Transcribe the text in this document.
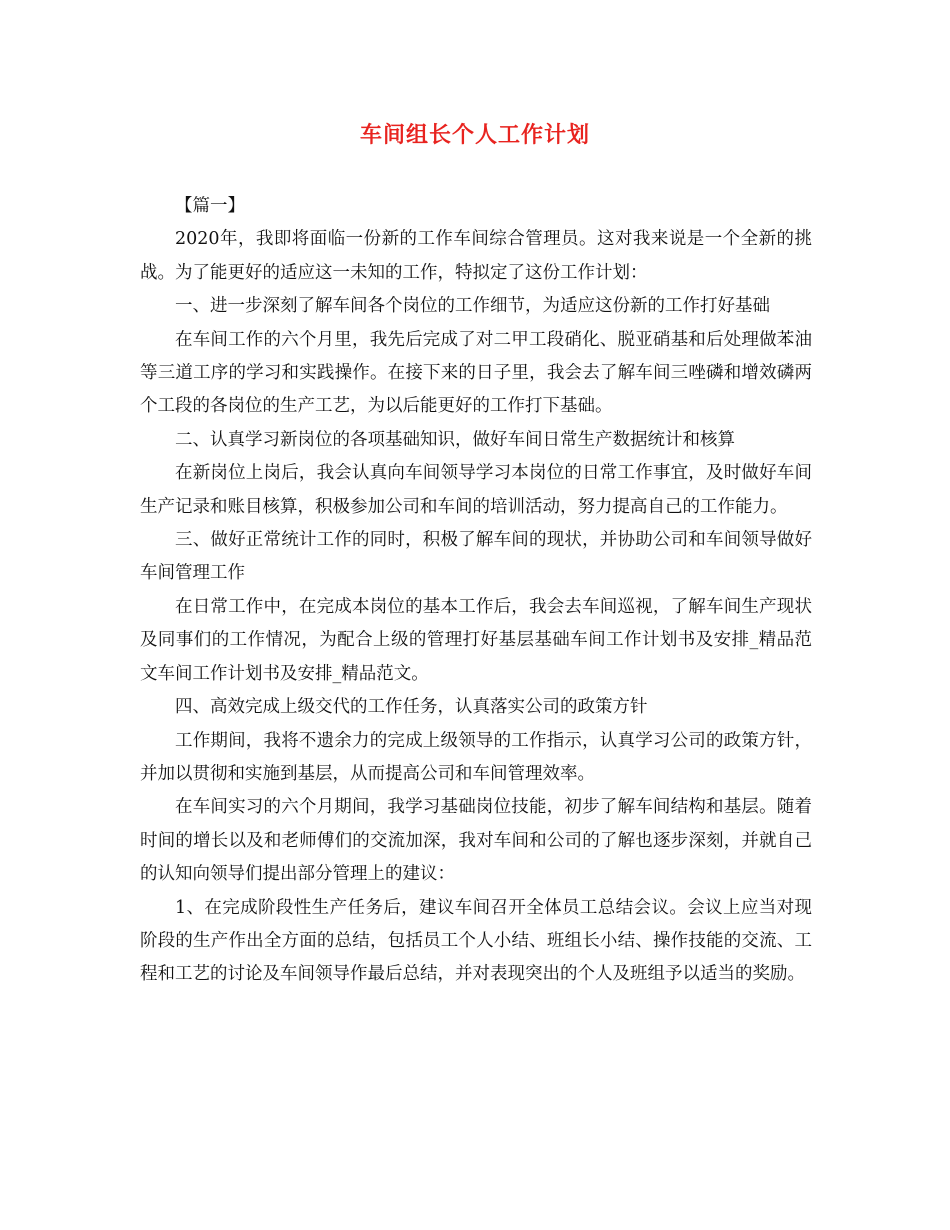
车间组长个人工作计划

【篇一】

2020年，我即将面临一份新的工作车间综合管理员。这对我来说是一个全新的挑战。为了能更好的适应这一未知的工作，特拟定了这份工作计划：

一、进一步深刻了解车间各个岗位的工作细节，为适应这份新的工作打好基础

在车间工作的六个月里，我先后完成了对二甲工段硝化、脱亚硝基和后处理做苯油等三道工序的学习和实践操作。在接下来的日子里，我会去了解车间三唑磷和增效磷两个工段的各岗位的生产工艺，为以后能更好的工作打下基础。

二、认真学习新岗位的各项基础知识，做好车间日常生产数据统计和核算

在新岗位上岗后，我会认真向车间领导学习本岗位的日常工作事宜，及时做好车间生产记录和账目核算，积极参加公司和车间的培训活动，努力提高自己的工作能力。

三、做好正常统计工作的同时，积极了解车间的现状，并协助公司和车间领导做好车间管理工作

在日常工作中，在完成本岗位的基本工作后，我会去车间巡视，了解车间生产现状及同事们的工作情况，为配合上级的管理打好基层基础车间工作计划书及安排_精品范文车间工作计划书及安排_精品范文。

四、高效完成上级交代的工作任务，认真落实公司的政策方针

工作期间，我将不遗余力的完成上级领导的工作指示，认真学习公司的政策方针，并加以贯彻和实施到基层，从而提高公司和车间管理效率。

在车间实习的六个月期间，我学习基础岗位技能，初步了解车间结构和基层。随着时间的增长以及和老师傅们的交流加深，我对车间和公司的了解也逐步深刻，并就自己的认知向领导们提出部分管理上的建议：

1、在完成阶段性生产任务后，建议车间召开全体员工总结会议。会议上应当对现阶段的生产作出全方面的总结，包括员工个人小结、班组长小结、操作技能的交流、工程和工艺的讨论及车间领导作最后总结，并对表现突出的个人及班组予以适当的奖励。
